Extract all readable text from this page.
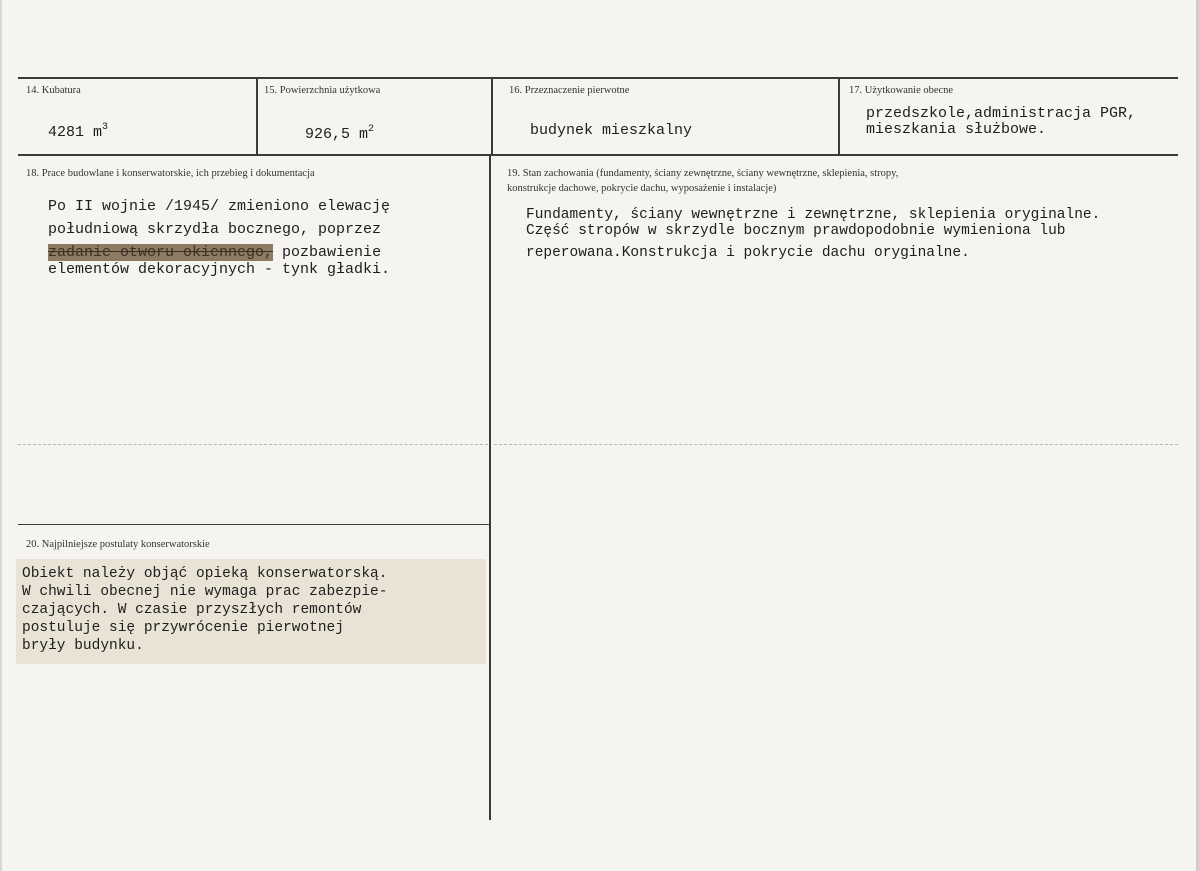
14. Kubatura
4281 $m^3$
15. Powierzchnia użytkowa
926,5 $m^2$
16. Przeznaczenie pierwotne
budynek mieszkalny
17. Użytkowanie obecne
przedszkole,administracja PGR,
mieszkania służbowe.
18. Prace budowlane i konserwatorskie, ich przebieg i dokumentacja
Po II wojnie /1945/ zmieniono elewację
południową skrzydła bocznego, poprzez
zadanie otworu okiennego, pozbawienie
elementów dekoracyjnych - tynk gładki.
19. Stan zachowania (fundamenty, ściany zewnętrzne, ściany wewnętrzne, sklepienia, stropy,
konstrukcje dachowe, pokrycie dachu, wyposażenie i instalacje)
Fundamenty, ściany wewnętrzne i zewnętrzne, sklepienia oryginalne.
Część stropów w skrzydle bocznym prawdopodobnie wymieniona lub
reperowana.Konstrukcja i pokrycie dachu oryginalne.
20. Najpilniejsze postulaty konserwatorskie
Obiekt należy objąć opieką konserwatorską.
W chwili obecnej nie wymaga prac zabezpie-
czających. W czasie przyszłych remontów
postuluje się przywrócenie pierwotnej
bryły budynku.
